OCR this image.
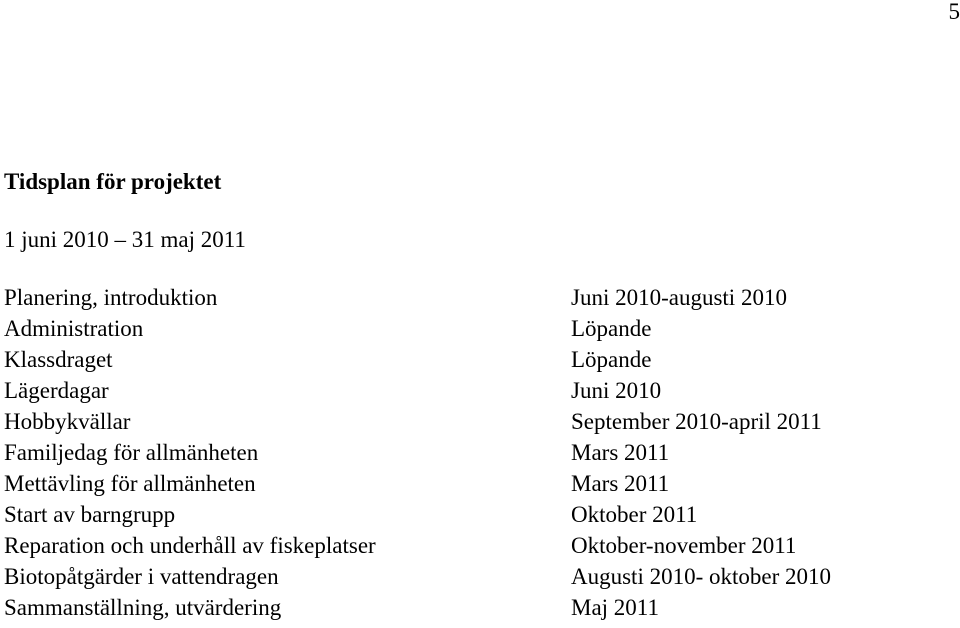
5
Tidsplan för projektet
1 juni 2010 – 31 maj 2011
Planering, introduktion	Juni 2010-augusti 2010
Administration	Löpande
Klassdraget	Löpande
Lägerdagar	Juni 2010
Hobbykvällar	September 2010-april 2011
Familjedag för allmänheten	Mars 2011
Mettävling för allmänheten	Mars 2011
Start av barngrupp	Oktober 2011
Reparation och underhåll av fiskeplatser	Oktober-november 2011
Biotopåtgärder i vattendragen	Augusti 2010- oktober 2010
Sammanställning, utvärdering	Maj 2011
